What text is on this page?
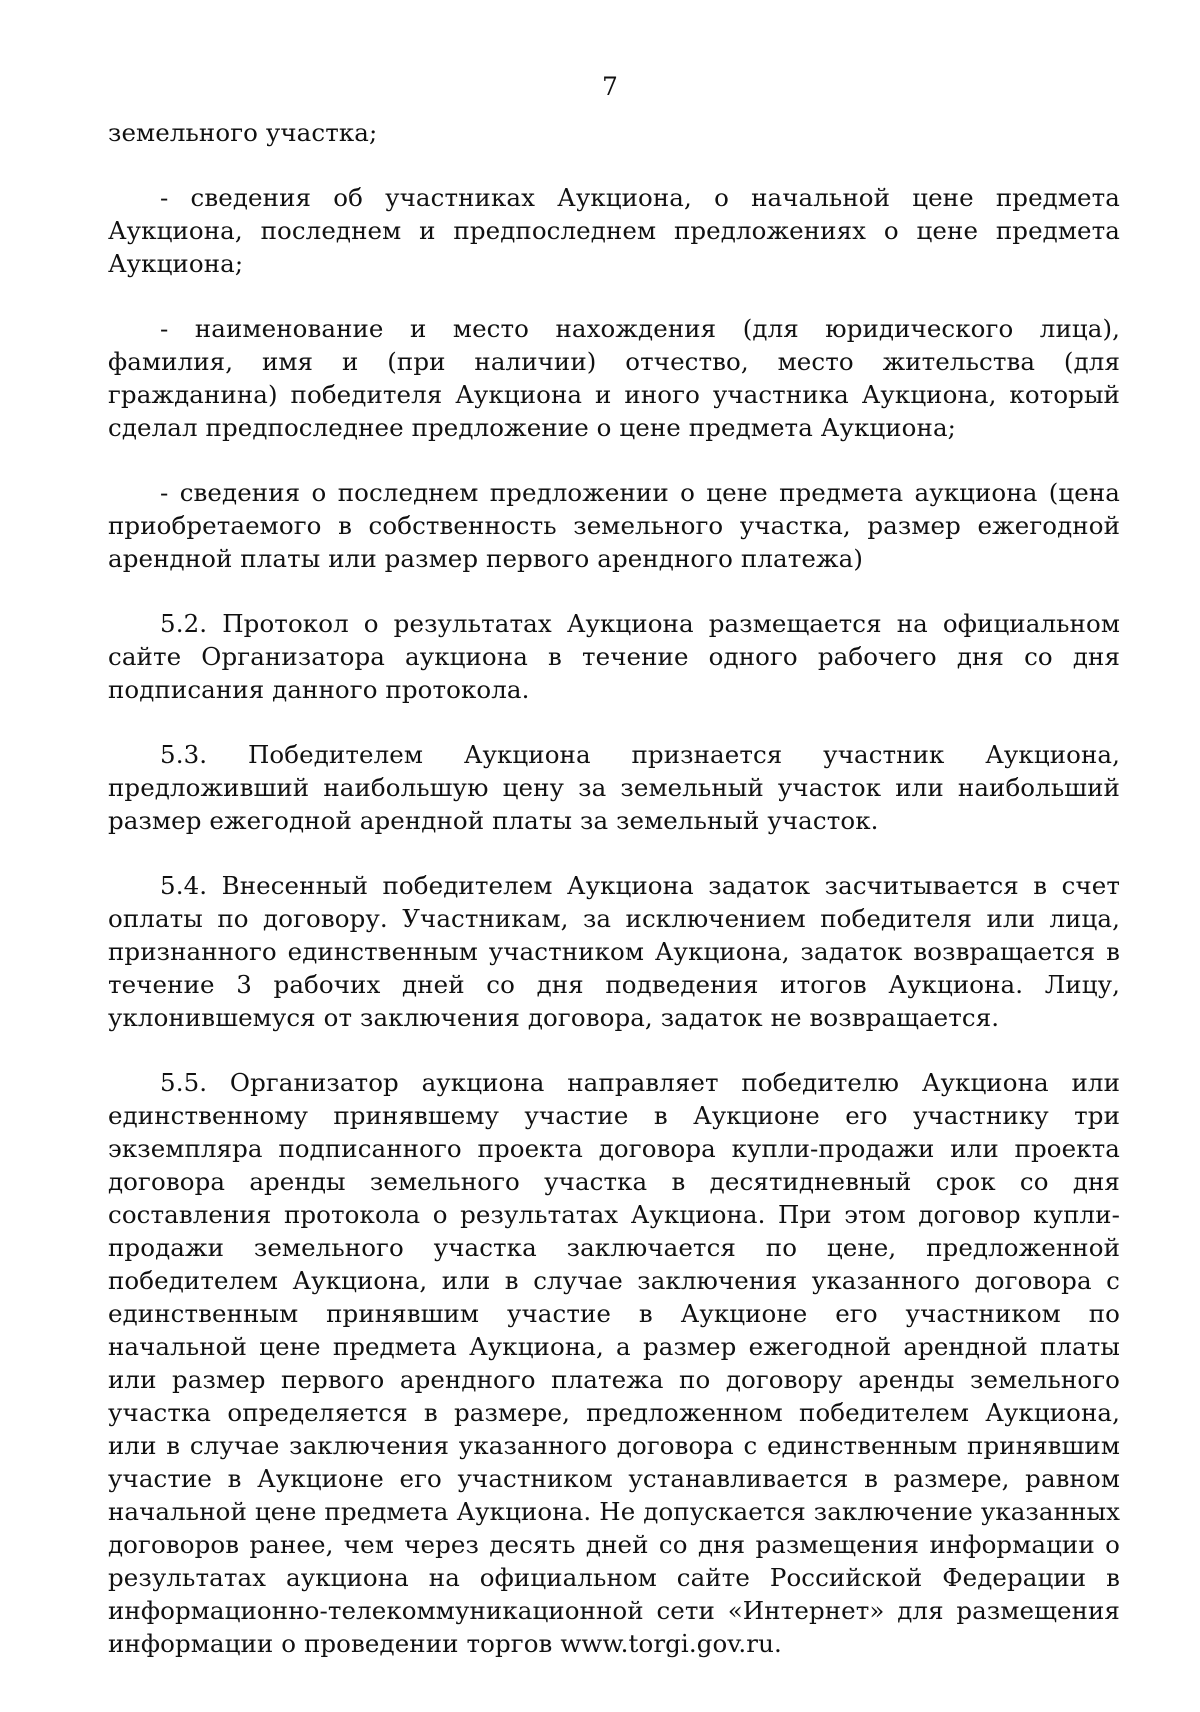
7

земельного участка;

- сведения об участниках Аукциона, о начальной цене предмета Аукциона, последнем и предпоследнем предложениях о цене предмета Аукциона;

- наименование и место нахождения (для юридического лица), фамилия, имя и (при наличии) отчество, место жительства (для гражданина) победителя Аукциона и иного участника Аукциона, который сделал предпоследнее предложение о цене предмета Аукциона;

- сведения о последнем предложении о цене предмета аукциона (цена приобретаемого в собственность земельного участка, размер ежегодной арендной платы или размер первого арендного платежа)

5.2. Протокол о результатах Аукциона размещается на официальном сайте Организатора аукциона в течение одного рабочего дня со дня подписания данного протокола.

5.3. Победителем Аукциона признается участник Аукциона, предложивший наибольшую цену за земельный участок или наибольший размер ежегодной арендной платы за земельный участок.

5.4. Внесенный победителем Аукциона задаток засчитывается в счет оплаты по договору. Участникам, за исключением победителя или лица, признанного единственным участником Аукциона, задаток возвращается в течение 3 рабочих дней со дня подведения итогов Аукциона. Лицу, уклонившемуся от заключения договора, задаток не возвращается.

5.5. Организатор аукциона направляет победителю Аукциона или единственному принявшему участие в Аукционе его участнику три экземпляра подписанного проекта договора купли-продажи или проекта договора аренды земельного участка в десятидневный срок со дня составления протокола о результатах Аукциона. При этом договор купли-продажи земельного участка заключается по цене, предложенной победителем Аукциона, или в случае заключения указанного договора с единственным принявшим участие в Аукционе его участником по начальной цене предмета Аукциона, а размер ежегодной арендной платы или размер первого арендного платежа по договору аренды земельного участка определяется в размере, предложенном победителем Аукциона, или в случае заключения указанного договора с единственным принявшим участие в Аукционе его участником устанавливается в размере, равном начальной цене предмета Аукциона. Не допускается заключение указанных договоров ранее, чем через десять дней со дня размещения информации о результатах аукциона на официальном сайте Российской Федерации в информационно-телекоммуникационной сети «Интернет» для размещения информации о проведении торгов www.torgi.gov.ru.
